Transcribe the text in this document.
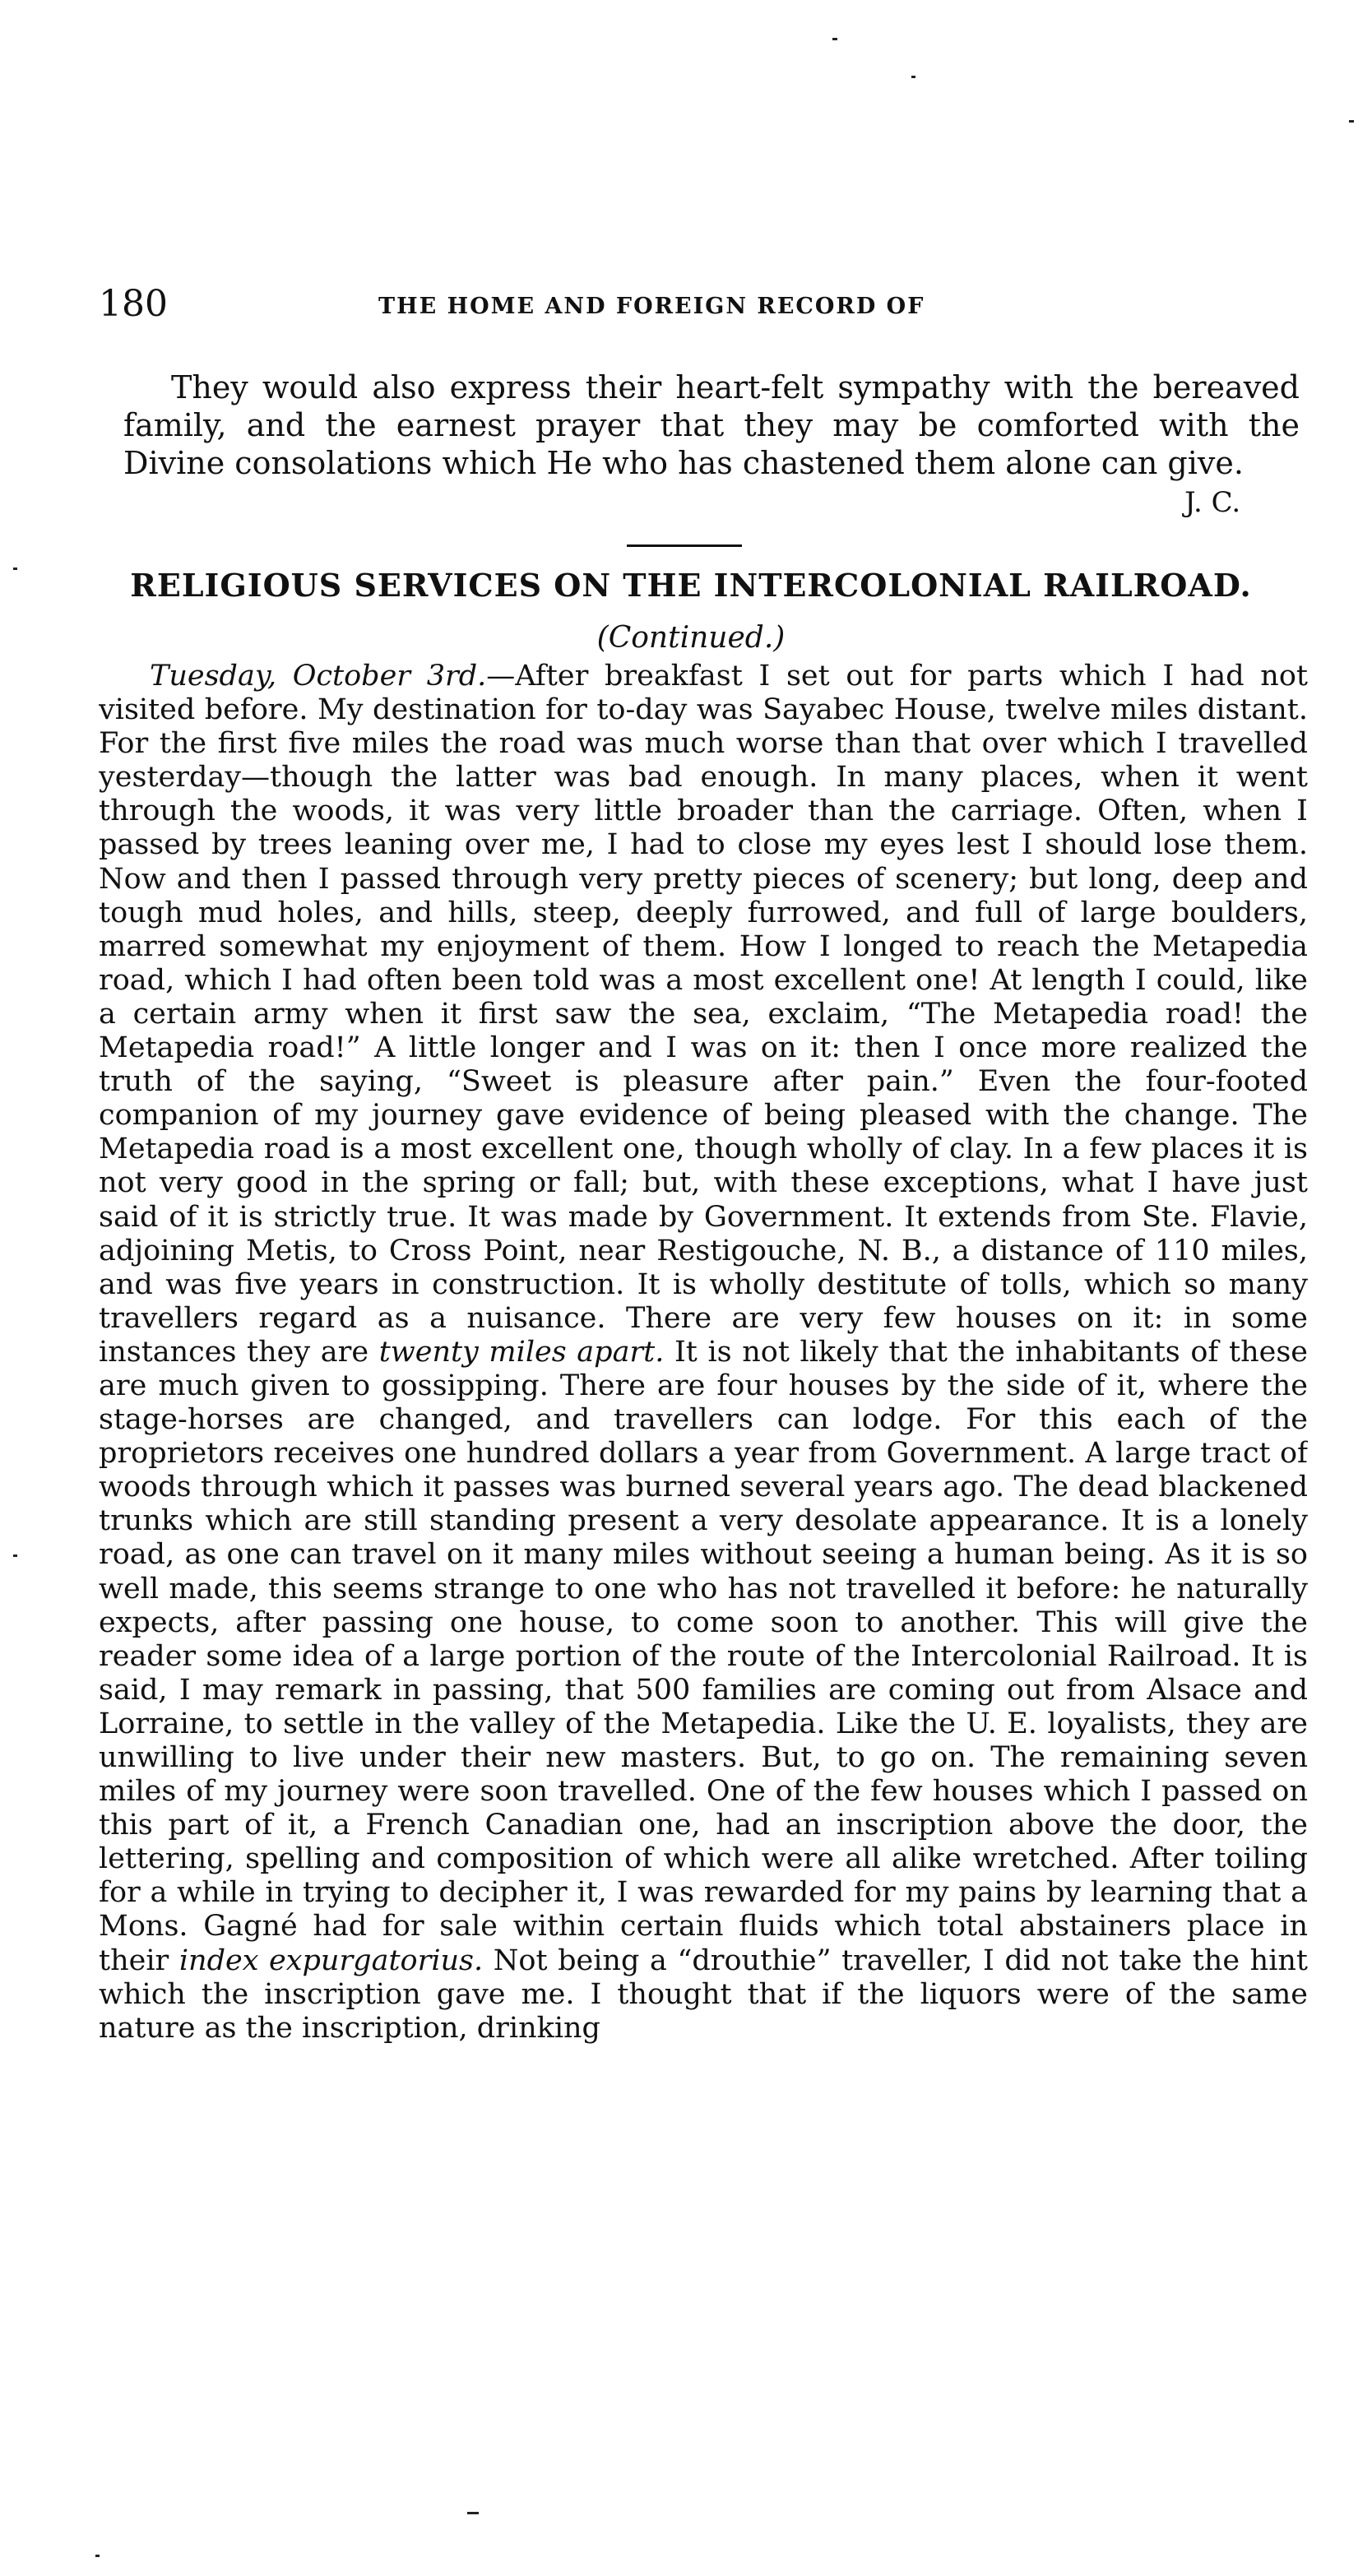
180	THE HOME AND FOREIGN RECORD OF

They would also express their heart-felt sympathy with the bereaved family, and the earnest prayer that they may be comforted with the Divine consolations which He who has chastened them alone can give.

J. C.
RELIGIOUS SERVICES ON THE INTERCOLONIAL RAILROAD.
(Continued.)

Tuesday, October 3rd.—After breakfast I set out for parts which I had not visited before. My destination for to-day was Sayabec House, twelve miles distant. For the first five miles the road was much worse than that over which I travelled yesterday—though the latter was bad enough. In many places, when it went through the woods, it was very little broader than the carriage. Often, when I passed by trees leaning over me, I had to close my eyes lest I should lose them. Now and then I passed through very pretty pieces of scenery; but long, deep and tough mud holes, and hills, steep, deeply furrowed, and full of large boulders, marred somewhat my enjoyment of them. How I longed to reach the Metapedia road, which I had often been told was a most excellent one! At length I could, like a certain army when it first saw the sea, exclaim, “The Metapedia road! the Metapedia road!” A little longer and I was on it: then I once more realized the truth of the saying, “Sweet is pleasure after pain.” Even the four-footed companion of my journey gave evidence of being pleased with the change. The Metapedia road is a most excellent one, though wholly of clay. In a few places it is not very good in the spring or fall; but, with these exceptions, what I have just said of it is strictly true. It was made by Government. It extends from Ste. Flavie, adjoining Metis, to Cross Point, near Restigouche, N. B., a distance of 110 miles, and was five years in construction. It is wholly destitute of tolls, which so many travellers regard as a nuisance. There are very few houses on it: in some instances they are twenty miles apart. It is not likely that the inhabitants of these are much given to gossipping. There are four houses by the side of it, where the stage-horses are changed, and travellers can lodge. For this each of the proprietors receives one hundred dollars a year from Government. A large tract of woods through which it passes was burned several years ago. The dead blackened trunks which are still standing present a very desolate appearance. It is a lonely road, as one can travel on it many miles without seeing a human being. As it is so well made, this seems strange to one who has not travelled it before: he naturally expects, after passing one house, to come soon to another. This will give the reader some idea of a large portion of the route of the Intercolonial Railroad. It is said, I may remark in passing, that 500 families are coming out from Alsace and Lorraine, to settle in the valley of the Metapedia. Like the U. E. loyalists, they are unwilling to live under their new masters. But, to go on. The remaining seven miles of my journey were soon travelled. One of the few houses which I passed on this part of it, a French Canadian one, had an inscription above the door, the lettering, spelling and composition of which were all alike wretched. After toiling for a while in trying to decipher it, I was rewarded for my pains by learning that a Mons. Gagné had for sale within certain fluids which total abstainers place in their index expurgatorius. Not being a “drouthie” traveller, I did not take the hint which the inscription gave me. I thought that if the liquors were of the same nature as the inscription, drinking
